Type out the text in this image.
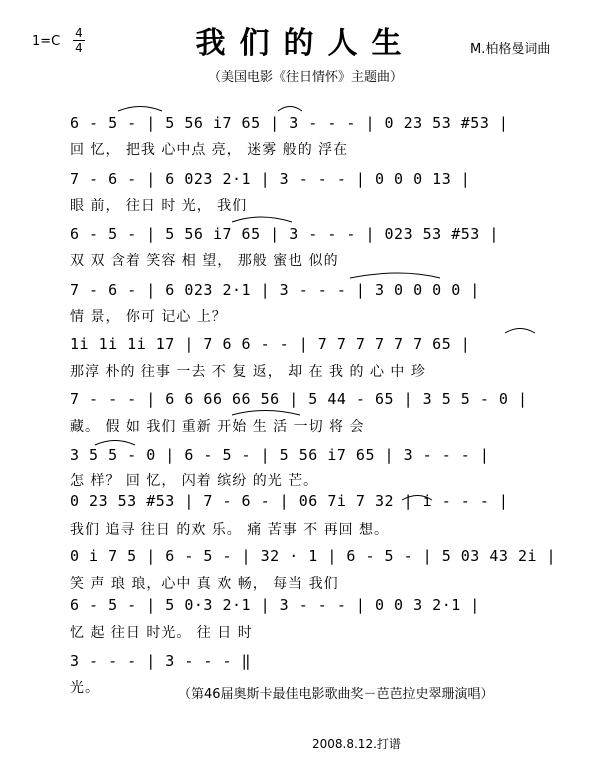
1=C
4
4	我们的人生	M.柏格曼词曲
（美国电影《往日情怀》主题曲）
6 - 5 - | 5 56 i7 65 | 3 - - - | 0 23 53 #53 |
回 忆， 把我 心中点 亮， 迷雾 般的 浮在
7 - 6 - | 6 023 2·1 | 3 - - - | 0 0 0 13 |
眼 前， 往日 时 光， 我们
6 - 5 - | 5 56 i7 65 | 3 - - - | 023 53 #53 |
双 双 含着 笑容 相 望， 那般 蜜也 似的
7 - 6 - | 6 023 2·1 | 3 - - - | 3 0 0 0 0 |
情 景， 你可 记心 上？
1i 1i 1i 17 | 7 6 6 - - | 7 7 7 7 7 7 65 |
那淳 朴的 往事 一去 不 复 返， 却 在 我 的 心 中 珍
7 - - - | 6 6 66 66 56 | 5 44 - 65 | 3 5 5 - 0 |
藏。 假 如 我们 重新 开始 生 活 一切 将 会
3 5 5 - 0 | 6 - 5 - | 5 56 i7 65 | 3 - - - |
怎 样？ 回 忆， 闪着 缤纷 的光 芒。
0 23 53 #53 | 7 - 6 - | 06 7i 7 32 | i - - - |
我们 追寻 往日 的欢 乐。 痛 苦事 不 再回 想。
0 i 7 5 | 6 - 5 - | 32 · 1 | 6 - 5 - | 5 03 43 2i |
笑 声 琅 琅，心中 真 欢 畅， 每当 我们
6 - 5 - | 5 0·3 2·1 | 3 - - - | 0 0 3 2·1 |
忆 起 往日 时光。 往 日 时
3 - - - | 3 - - - ‖
光。	（第46届奥斯卡最佳电影歌曲奖－芭芭拉史翠珊演唱）
2008.8.12.打谱
